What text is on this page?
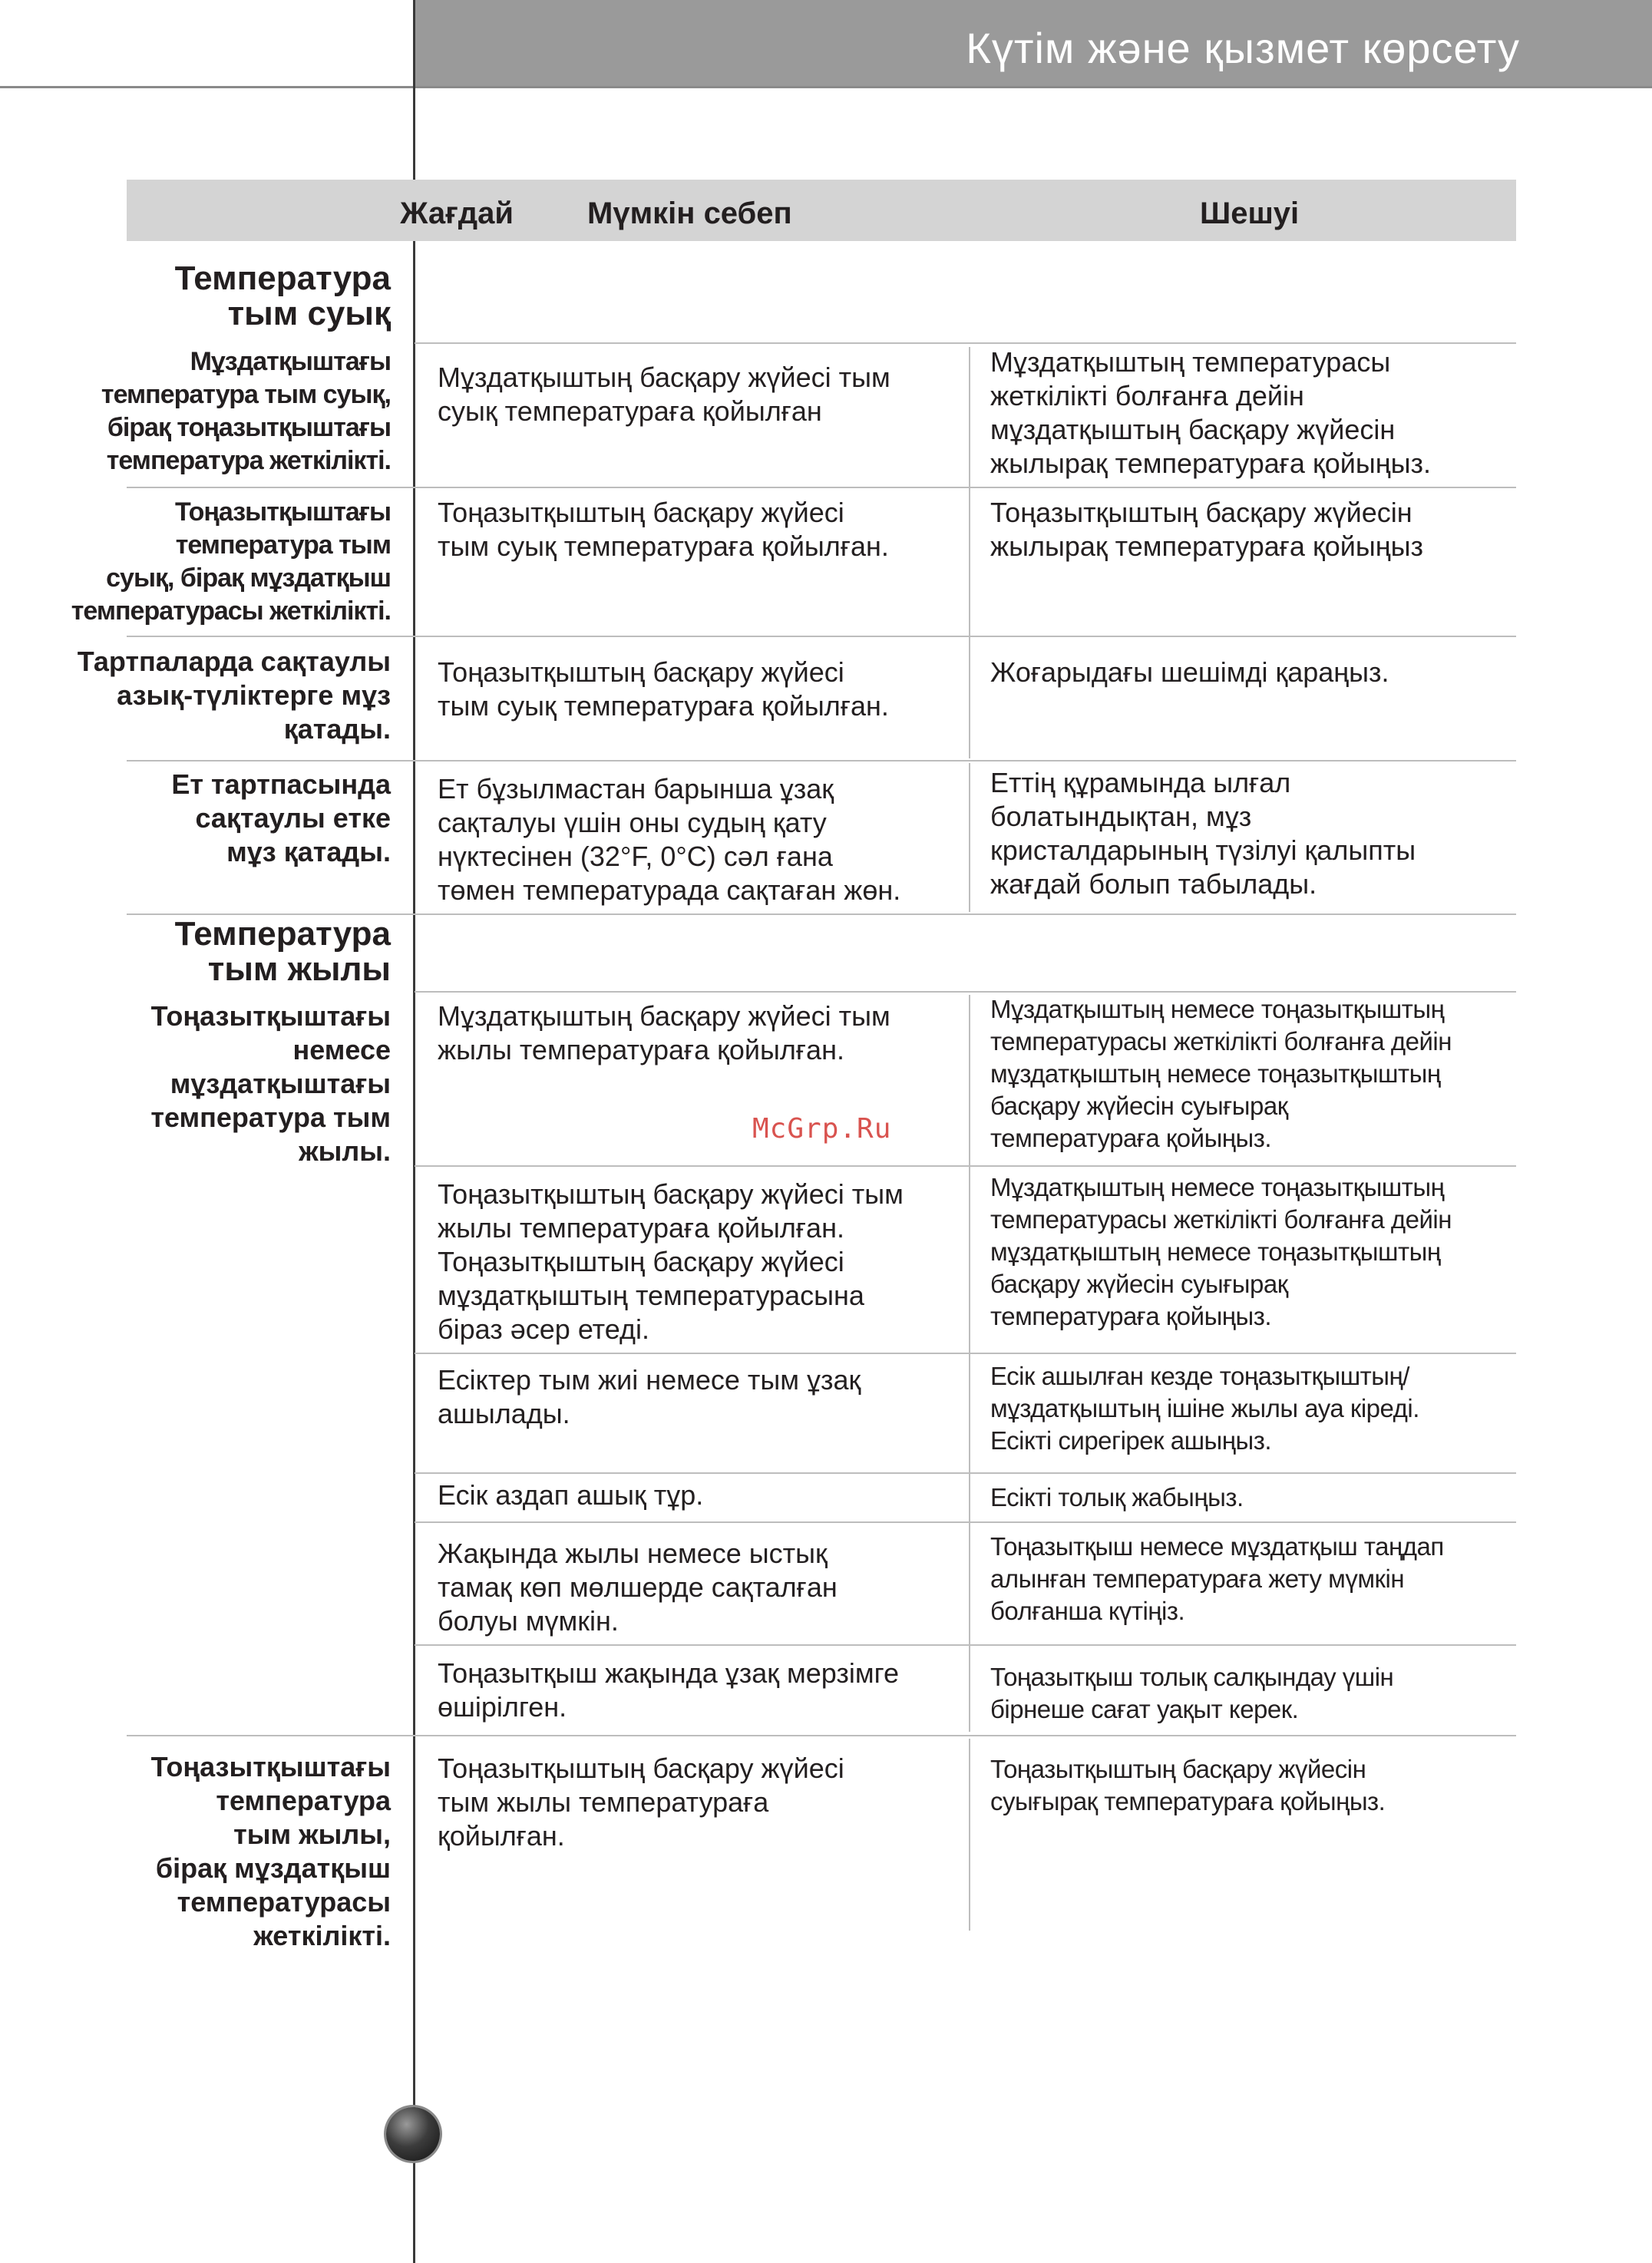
Күтім және қызмет көрсету
Жағдай Мүмкін себеп	Шешуі
Температура
тым суық
Мұздатқыштағы
температура тым суық,
бірақ тоңазытқыштағы
температура жеткілікті.
Мұздатқыштың басқару жүйесі тым
суық температураға қойылған
Мұздатқыштың температурасы
жеткілікті болғанға дейін
мұздатқыштың басқару жүйесін
жылырақ температураға қойыңыз.
Тоңазытқыштағы
температура тым
суық, бірақ мұздатқыш
температурасы жеткілікті.
Тоңазытқыштың басқару жүйесі
тым суық температураға қойылған.
Тоңазытқыштың басқару жүйесін
жылырақ температураға қойыңыз
Тартпаларда сақтаулы
азық-түліктерге мұз
қатады.
Тоңазытқыштың басқару жүйесі
тым суық температураға қойылған.
Жоғарыдағы шешімді қараңыз.
Ет тартпасында
сақтаулы етке
мұз қатады.
Ет бұзылмастан барынша ұзақ
сақталуы үшін оны судың қату
нүктесінен (32°F, 0°C) сәл ғана
төмен температурада сақтаған жөн.
Еттің құрамында ылғал
болатындықтан, мұз
кристалдарының түзілуі қалыпты
жағдай болып табылады.
Температура
тым жылы
Тоңазытқыштағы
немесе
мұздатқыштағы
температура тым
жылы.
Мұздатқыштың басқару жүйесі тым
жылы температураға қойылған.
Мұздатқыштың немесе тоңазытқыштың
температурасы жеткілікті болғанға дейін
мұздатқыштың немесе тоңазытқыштың
басқару жүйесін суығырақ
температурағa қойыңыз.
Тоңазытқыштың басқару жүйесі тым
жылы температураға қойылған.
Тоңазытқыштың басқару жүйесі
мұздатқыштың температурасына
біраз әсер етеді.
Мұздатқыштың немесе тоңазытқыштың
температурасы жеткілікті болғанға дейін
мұздатқыштың немесе тоңазытқыштың
басқару жүйесін суығырақ
температурағa қойыңыз.
Есіктер тым жиі немесе тым ұзақ
ашылады.
Есік ашылған кезде тоңазытқыштың/
мұздатқыштың ішіне жылы ауа кіреді.
Есікті сирегірек ашыңыз.
Есік аздап ашық тұр.	Есікті толық жабыңыз.
Жақында жылы немесе ыстық
тамақ көп мөлшерде сақталған
болуы мүмкін.
Тоңазытқыш немесе мұздатқыш таңдап
алынған температураға жету мүмкін
болғанша күтіңіз.
Тоңазытқыш жақында ұзақ мерзімге
өшірілген.
Тоңазытқыш толық салқындау үшін
бірнеше сағат уақыт керек.
Тоңазытқыштағы
температура
тым жылы,
бірақ мұздатқыш
температурасы
жеткілікті.
Тоңазытқыштың басқару жүйесі
тым жылы температураға
қойылған.
Тоңазытқыштың басқару жүйесін
суығырақ температураға қойыңыз.
McGrp.Ru
